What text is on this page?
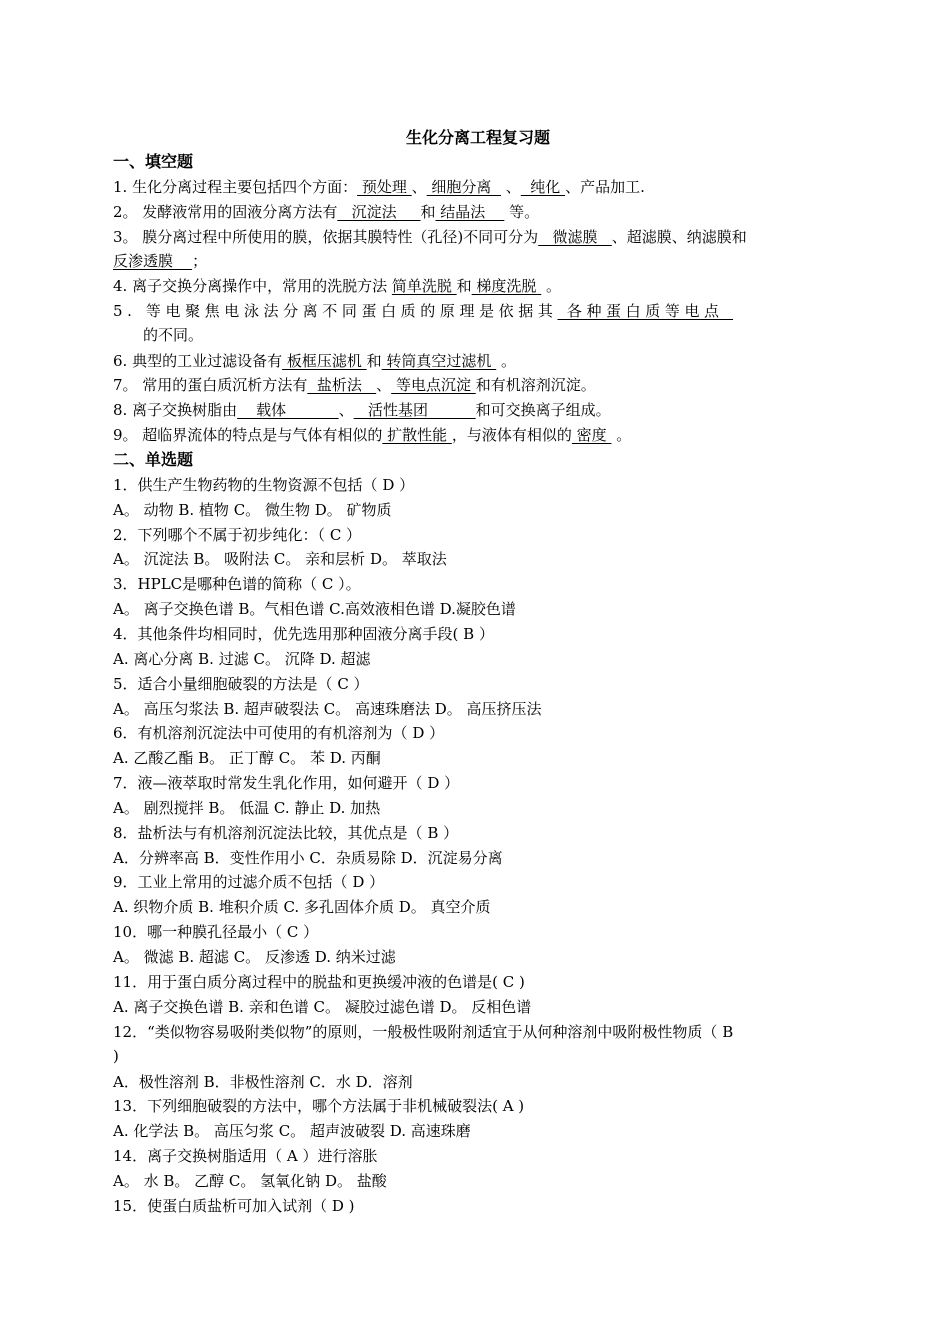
生化分离工程复习题
一、填空题
1. 生化分离过程主要包括四个方面： 预处理 、 细胞分离   、  纯化 、产品加工.
2。 发酵液常用的固液分离方法有   沉淀法     和 结晶法     等。
3。 膜分离过程中所使用的膜，依据其膜特性（孔径)不同可分为   微滤膜   、超滤膜、纳滤膜和
反渗透膜    ；
4. 离子交换分离操作中，常用的洗脱方法 简单洗脱 和 梯度洗脱  。
5. 等电聚焦电泳法分离不同蛋白质的原理是依据其 各种蛋白质等电点
的不同。
6. 典型的工业过滤设备有 板框压滤机 和 转筒真空过滤机  。
7。 常用的蛋白质沉析方法有  盐析法   、 等电点沉淀 和有机溶剂沉淀。
8. 离子交换树脂由    载体           、   活性基团          和可交换离子组成。
9。 超临界流体的特点是与气体有相似的 扩散性能 ，与液体有相似的 密度  。
二、单选题
1．供生产生物药物的生物资源不包括（ D ）
A。 动物 B. 植物 C。 微生物 D。 矿物质
2．下列哪个不属于初步纯化：（ C ）
A。 沉淀法 B。 吸附法 C。 亲和层析 D。 萃取法
3．HPLC是哪种色谱的简称（ C ）。
A。 离子交换色谱 B。气相色谱 C.高效液相色谱 D.凝胶色谱
4．其他条件均相同时，优先选用那种固液分离手段( B ）
A. 离心分离 B. 过滤 C。 沉降 D. 超滤
5．适合小量细胞破裂的方法是（ C ）
A。 高压匀浆法 B. 超声破裂法 C。 高速珠磨法 D。 高压挤压法
6．有机溶剂沉淀法中可使用的有机溶剂为（ D ）
A. 乙酸乙酯 B。 正丁醇 C。 苯 D. 丙酮
7．液—液萃取时常发生乳化作用，如何避开（ D ）
A。 剧烈搅拌 B。 低温 C. 静止 D. 加热
8．盐析法与有机溶剂沉淀法比较，其优点是（ B ）
A．分辨率高 B．变性作用小 C．杂质易除 D．沉淀易分离
9．工业上常用的过滤介质不包括（ D ）
A. 织物介质 B. 堆积介质 C. 多孔固体介质 D。 真空介质
10．哪一种膜孔径最小（ C ）
A。 微滤 B. 超滤 C。 反渗透 D. 纳米过滤
11．用于蛋白质分离过程中的脱盐和更换缓冲液的色谱是( C )
A. 离子交换色谱 B. 亲和色谱 C。 凝胶过滤色谱 D。 反相色谱
12．“类似物容易吸附类似物”的原则，一般极性吸附剂适宜于从何种溶剂中吸附极性物质（ B
)
A．极性溶剂 B．非极性溶剂 C．水 D．溶剂
13．下列细胞破裂的方法中，哪个方法属于非机械破裂法( A )
A. 化学法 B。 高压匀浆 C。 超声波破裂 D. 高速珠磨
14．离子交换树脂适用（ A ）进行溶胀
A。 水 B。 乙醇 C。 氢氧化钠 D。 盐酸
15．使蛋白质盐析可加入试剂（ D )
